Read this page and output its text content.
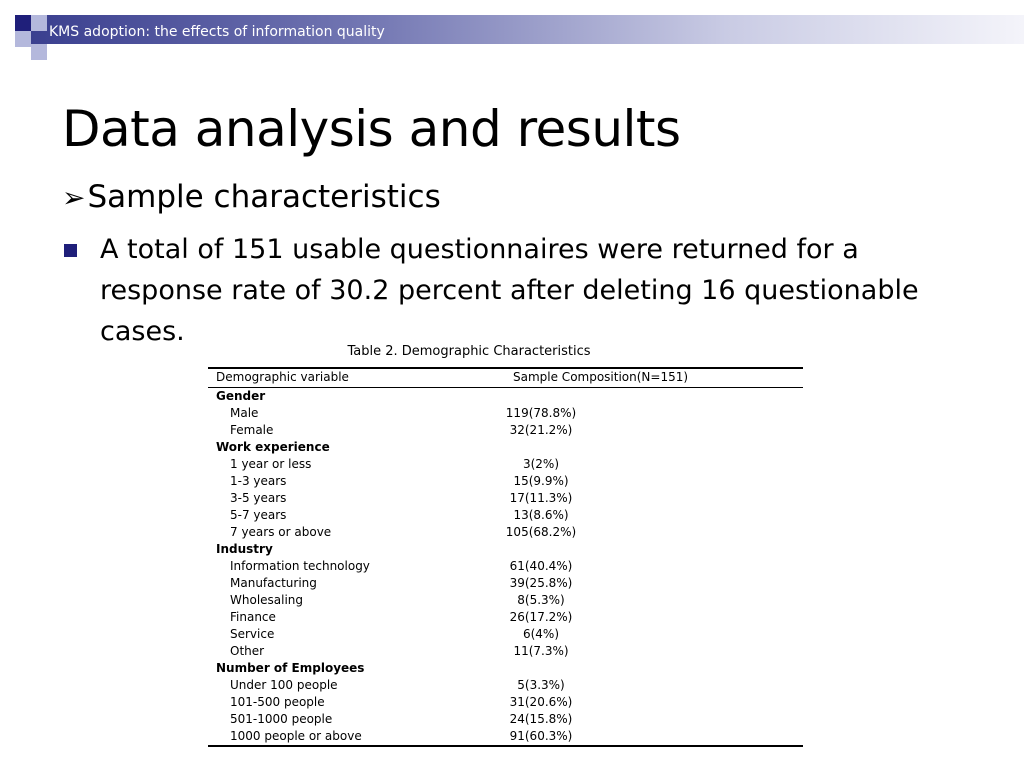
KMS adoption: the effects of information quality
Data analysis and results
➢Sample characteristics
A total of 151 usable questionnaires were returned for a response rate of 30.2 percent after deleting 16 questionable cases.
Table 2. Demographic Characteristics
Demographic variable	Sample Composition(N=151)
Gender
Male	119(78.8%)
Female	32(21.2%)
Work experience
1 year or less	3(2%)
1-3 years	15(9.9%)
3-5 years	17(11.3%)
5-7 years	13(8.6%)
7 years or above	105(68.2%)
Industry
Information technology	61(40.4%)
Manufacturing	39(25.8%)
Wholesaling	8(5.3%)
Finance	26(17.2%)
Service	6(4%)
Other	11(7.3%)
Number of Employees
Under 100 people	5(3.3%)
101-500 people	31(20.6%)
501-1000 people	24(15.8%)
1000 people or above	91(60.3%)
